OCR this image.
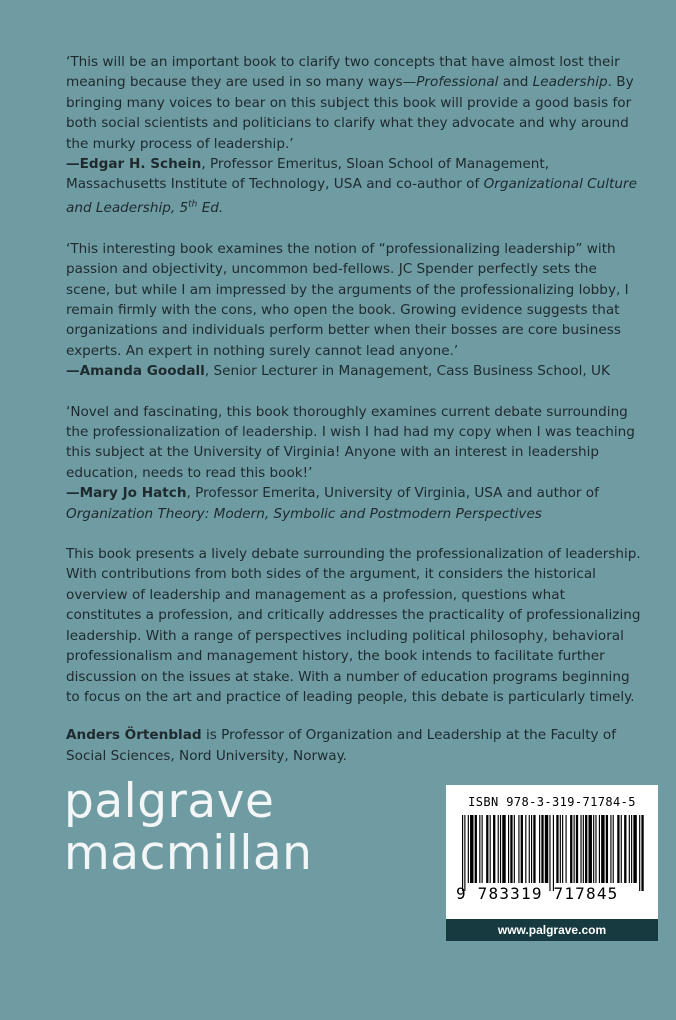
‘This will be an important book to clarify two concepts that have almost lost their meaning because they are used in so many ways—Professional and Leadership. By bringing many voices to bear on this subject this book will provide a good basis for both social scientists and politicians to clarify what they advocate and why around the murky process of leadership.’
—Edgar H. Schein, Professor Emeritus, Sloan School of Management, Massachusetts Institute of Technology, USA and co-author of Organizational Culture and Leadership, 5th Ed.

‘This interesting book examines the notion of “professionalizing leadership” with passion and objectivity, uncommon bed-fellows. JC Spender perfectly sets the scene, but while I am impressed by the arguments of the professionalizing lobby, I remain firmly with the cons, who open the book. Growing evidence suggests that organizations and individuals perform better when their bosses are core business experts. An expert in nothing surely cannot lead anyone.’
—Amanda Goodall, Senior Lecturer in Management, Cass Business School, UK

‘Novel and fascinating, this book thoroughly examines current debate surrounding the professionalization of leadership. I wish I had had my copy when I was teaching this subject at the University of Virginia! Anyone with an interest in leadership education, needs to read this book!’
—Mary Jo Hatch, Professor Emerita, University of Virginia, USA and author of Organization Theory: Modern, Symbolic and Postmodern Perspectives

This book presents a lively debate surrounding the professionalization of leadership. With contributions from both sides of the argument, it considers the historical overview of leadership and management as a profession, questions what constitutes a profession, and critically addresses the practicality of professionalizing leadership. With a range of perspectives including political philosophy, behavioral professionalism and management history, the book intends to facilitate further discussion on the issues at stake. With a number of education programs beginning to focus on the art and practice of leading people, this debate is particularly timely.

Anders Örtenblad is Professor of Organization and Leadership at the Faculty of Social Sciences, Nord University, Norway.

palgrave
macmillan
ISBN 978-3-319-71784-5
9 783319 717845
www.palgrave.com
